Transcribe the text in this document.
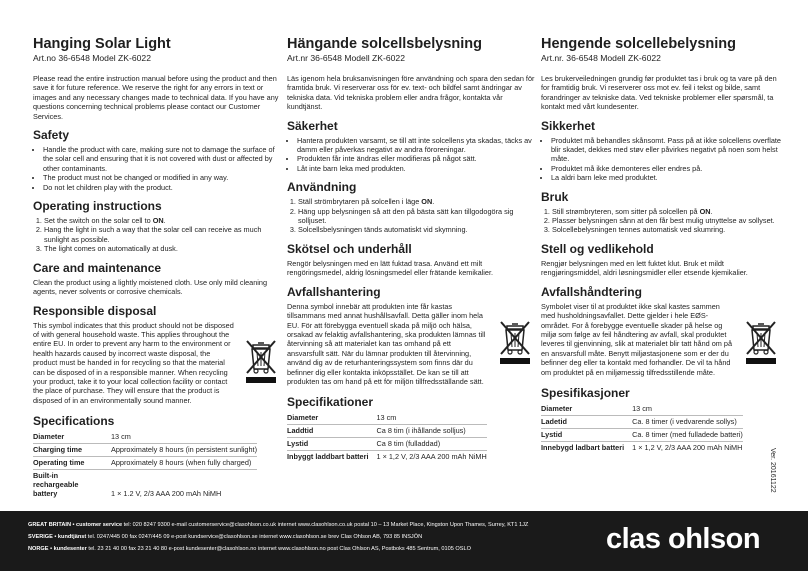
Hanging Solar Light
Art.no 36-6548 Model ZK-6022

Please read the entire instruction manual before using the product and then save it for future reference. We reserve the right for any errors in text or images and any necessary changes made to technical data. If you have any questions concerning technical problems please contact our Customer Services.

Safety
• Handle the product with care, making sure not to damage the surface of the solar cell and ensuring that it is not covered with dust or affected by other contaminants.
• The product must not be changed or modified in any way.
• Do not let children play with the product.
Operating instructions
1. Set the switch on the solar cell to ON.
2. Hang the light in such a way that the solar cell can receive as much sunlight as possible.
3. The light comes on automatically at dusk.
Care and maintenance

Clean the product using a lightly moistened cloth. Use only mild cleaning agents, never solvents or corrosive chemicals.

Responsible disposal

This symbol indicates that this product should not be disposed of with general household waste. This applies throughout the entire EU. In order to prevent any harm to the environment or health hazards caused by incorrect waste disposal, the product must be handed in for recycling so that the material can be disposed of in a responsible manner. When recycling your product, take it to your local collection facility or contact the place of purchase. They will ensure that the product is disposed of in an environmentally sound manner.

Specifications
Diameter	13 cm
Charging time	Approximately 8 hours (in persistent sunlight)
Operating time	Approximately 8 hours (when fully charged)
Built-in rechargeable battery	1 × 1.2 V, 2/3 AAA 200 mAh NiMH
Hängande solcellsbelysning
Art.nr 36-6548 Modell ZK-6022

Läs igenom hela bruksanvisningen före användning och spara den sedan för framtida bruk. Vi reserverar oss för ev. text- och bildfel samt ändringar av tekniska data. Vid tekniska problem eller andra frågor, kontakta vår kundtjänst.

Säkerhet
• Hantera produkten varsamt, se till att inte solcellens yta skadas, täcks av damm eller påverkas negativt av andra föroreningar.
• Produkten får inte ändras eller modifieras på något sätt.
• Låt inte barn leka med produkten.
Användning
1. Ställ strömbrytaren på solcellen i läge ON.
2. Häng upp belysningen så att den på bästa sätt kan tillgodogöra sig solljuset.
3. Solcellsbelysningen tänds automatiskt vid skymning.
Skötsel och underhåll

Rengör belysningen med en lätt fuktad trasa. Använd ett milt rengöringsmedel, aldrig lösningsmedel eller frätande kemikalier.

Avfallshantering

Denna symbol innebär att produkten inte får kastas tillsammans med annat hushållsavfall. Detta gäller inom hela EU. För att förebygga eventuell skada på miljö och hälsa, orsakad av felaktig avfallshantering, ska produkten lämnas till återvinning så att materialet kan tas omhand på ett ansvarsfullt sätt. När du lämnar produkten till återvinning, använd dig av de returhanteringssystem som finns där du befinner dig eller kontakta inköpsstället. De kan se till att produkten tas om hand på ett för miljön tillfredsställande sätt.

Specifikationer
Diameter	13 cm
Laddtid	Ca 8 tim (i ihållande solljus)
Lystid	Ca 8 tim (fulladdad)
Inbyggt laddbart batteri	1 × 1,2 V, 2/3 AAA 200 mAh NiMH
Hengende solcellebelysning
Art.nr. 36-6548 Modell ZK-6022

Les brukerveiledningen grundig før produktet tas i bruk og ta vare på den for framtidig bruk. Vi reserverer oss mot ev. feil i tekst og bilde, samt forandringer av tekniske data. Ved tekniske problemer eller spørsmål, ta kontakt med vårt kundesenter.

Sikkerhet
• Produktet må behandles skånsomt. Pass på at ikke solcellens overflate blir skadet, dekkes med støv eller påvirkes negativt på noen som helst måte.
• Produktet må ikke demonteres eller endres på.
• La aldri barn leke med produktet.
Bruk
1. Still strømbryteren, som sitter på solcellen på ON.
2. Plasser belysningen sånn at den får best mulig utnyttelse av sollyset.
3. Solcellebelysningen tennes automatisk ved skumring.
Stell og vedlikehold

Rengjør belysningen med en lett fuktet klut. Bruk et mildt rengjøringsmiddel, aldri løsningsmidler eller etsende kjemikalier.

Avfallshåndtering

Symbolet viser til at produktet ikke skal kastes sammen med husholdningsavfallet. Dette gjelder i hele EØS-området. For å forebygge eventuelle skader på helse og miljø som følge av feil håndtering av avfall, skal produktet leveres til gjenvinning, slik at materialet blir tatt hånd om på en ansvarsfull måte. Benytt miljøstasjonene som er der du befinner deg eller ta kontakt med forhandler. De vil ta hånd om produktet på en miljømessig tilfredsstillende måte.

Spesifikasjoner
Diameter	13 cm
Ladetid	Ca. 8 timer (i vedvarende sollys)
Lystid	Ca. 8 timer (med fulladede batteri)
Innebygd ladbart batteri	1 × 1,2 V, 2/3 AAA 200 mAh NiMH
Ver. 20161122
GREAT BRITAIN • customer service tel: 020 8247 9300 e-mail customerservice@clasohlson.co.uk internet www.clasohlson.co.uk postal 10 – 13 Market Place, Kingston Upon Thames, Surrey, KT1 1JZ
SVERIGE • kundtjänst tel. 0247/445 00 fax 0247/445 09 e-post kundservice@clasohlson.se internet www.clasohlson.se brev Clas Ohlson AB, 793 85 INSJÖN
NORGE • kundesenter tel. 23 21 40 00 fax 23 21 40 80 e-post kundesenter@clasohlson.no internet www.clasohlson.no post Clas Ohlson AS, Postboks 485 Sentrum, 0105 OSLO	clas ohlson
